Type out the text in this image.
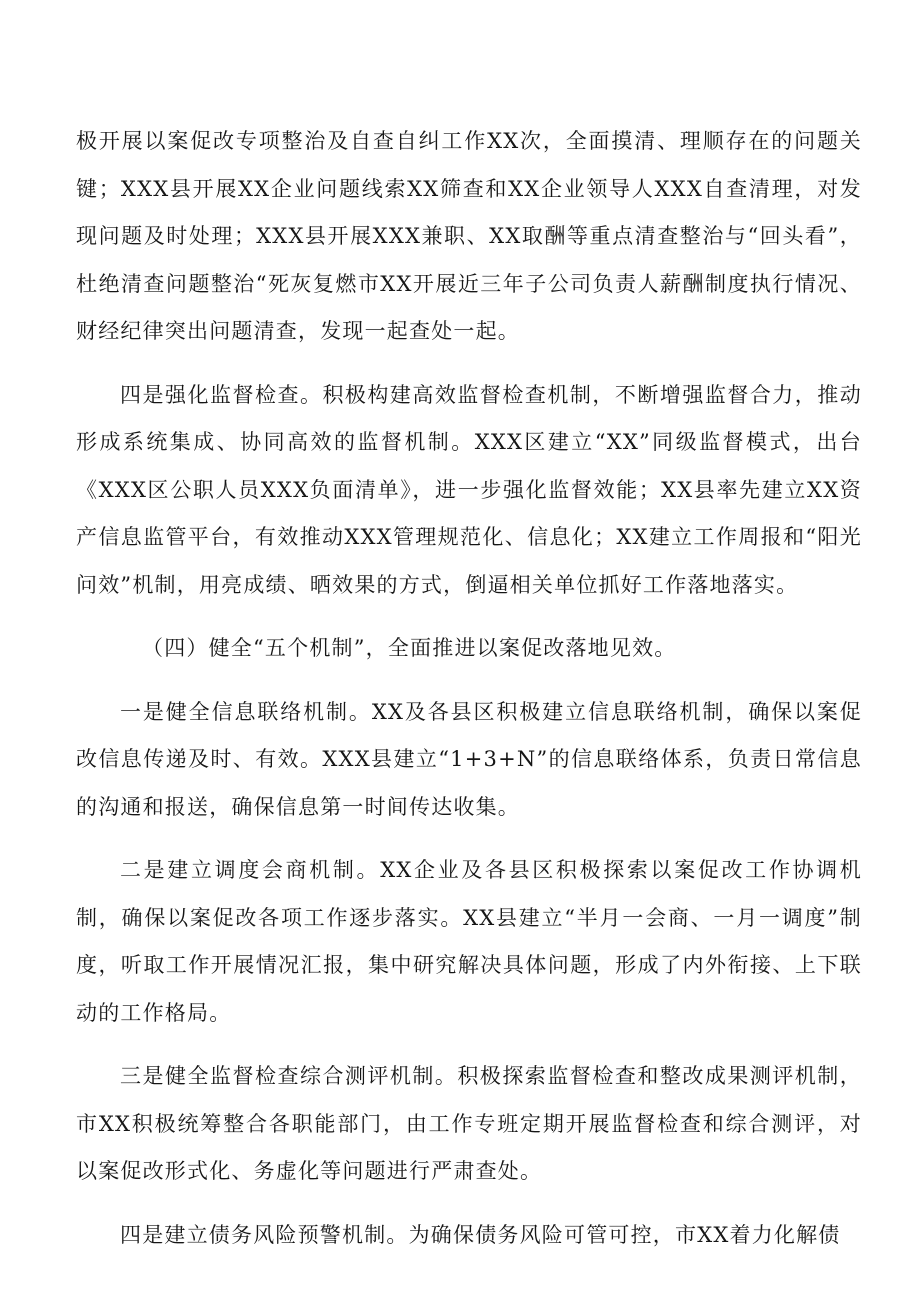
极开展以案促改专项整治及自查自纠工作XX次，全面摸清、理顺存在的问题关键；XXX县开展XX企业问题线索XX筛查和XX企业领导人XXX自查清理，对发现问题及时处理；XXX县开展XXX兼职、XX取酬等重点清查整治与“回头看”，杜绝清查问题整治“死灰复燃市XX开展近三年子公司负责人薪酬制度执行情况、财经纪律突出问题清查，发现一起查处一起。

四是强化监督检查。积极构建高效监督检查机制，不断增强监督合力，推动形成系统集成、协同高效的监督机制。XXX区建立“XX”同级监督模式，出台《XXX区公职人员XXX负面清单》，进一步强化监督效能；XX县率先建立XX资产信息监管平台，有效推动XXX管理规范化、信息化；XX建立工作周报和“阳光问效”机制，用亮成绩、晒效果的方式，倒逼相关单位抓好工作落地落实。

（四）健全“五个机制”，全面推进以案促改落地见效。

一是健全信息联络机制。XX及各县区积极建立信息联络机制，确保以案促改信息传递及时、有效。XXX县建立“1+3+N”的信息联络体系，负责日常信息的沟通和报送，确保信息第一时间传达收集。

二是建立调度会商机制。XX企业及各县区积极探索以案促改工作协调机制，确保以案促改各项工作逐步落实。XX县建立“半月一会商、一月一调度”制度，听取工作开展情况汇报，集中研究解决具体问题，形成了内外衔接、上下联动的工作格局。

三是健全监督检查综合测评机制。积极探索监督检查和整改成果测评机制，市XX积极统筹整合各职能部门，由工作专班定期开展监督检查和综合测评，对以案促改形式化、务虚化等问题进行严肃查处。

四是建立债务风险预警机制。为确保债务风险可管可控，市XX着力化解债
